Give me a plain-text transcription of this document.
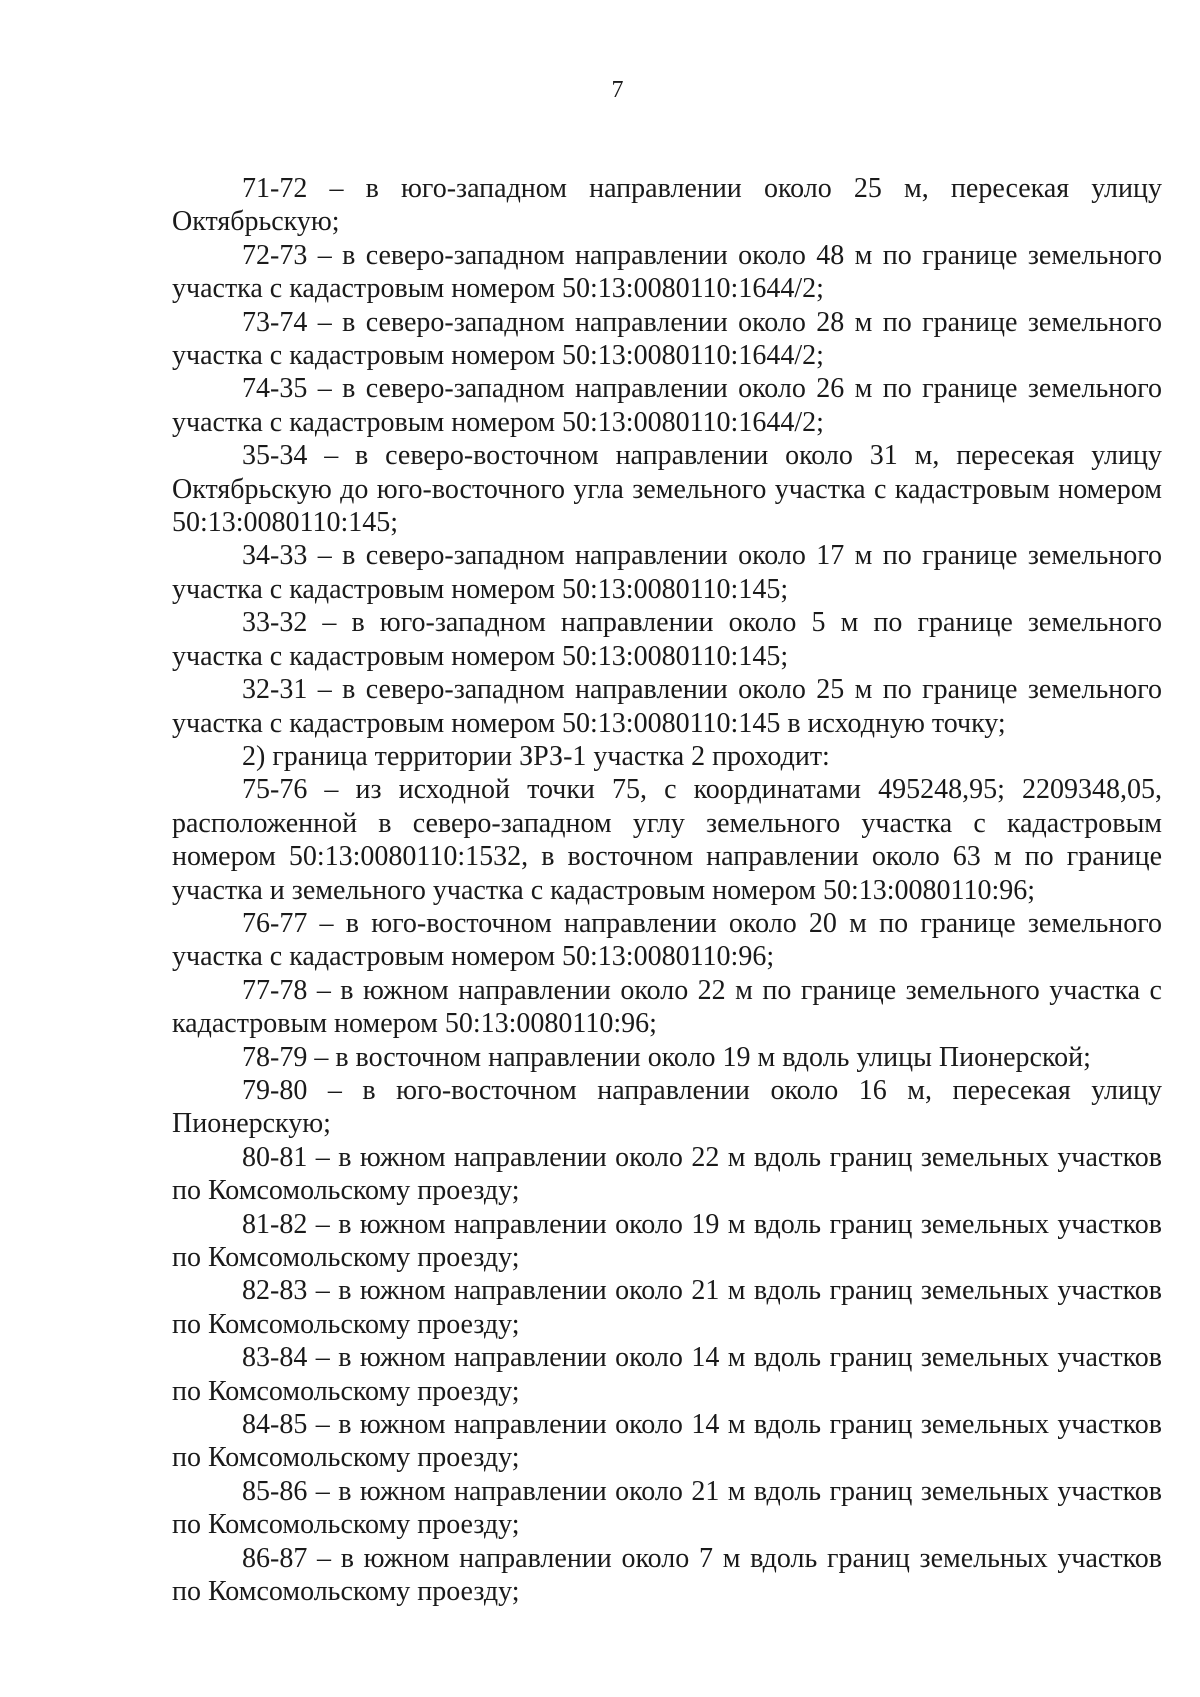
7

71-72 – в юго-западном направлении около 25 м, пересекая улицу Октябрьскую;

72-73 – в северо-западном направлении около 48 м по границе земельного участка с кадастровым номером 50:13:0080110:1644/2;

73-74 – в северо-западном направлении около 28 м по границе земельного участка с кадастровым номером 50:13:0080110:1644/2;

74-35 – в северо-западном направлении около 26 м по границе земельного участка с кадастровым номером 50:13:0080110:1644/2;

35-34 – в северо-восточном направлении около 31 м, пересекая улицу Октябрьскую до юго-восточного угла земельного участка с кадастровым номером 50:13:0080110:145;

34-33 – в северо-западном направлении около 17 м по границе земельного участка с кадастровым номером 50:13:0080110:145;

33-32 – в юго-западном направлении около 5 м по границе земельного участка с кадастровым номером 50:13:0080110:145;

32-31 – в северо-западном направлении около 25 м по границе земельного участка с кадастровым номером 50:13:0080110:145 в исходную точку;

2) граница территории ЗРЗ-1 участка 2 проходит:

75-76 – из исходной точки 75, с координатами 495248,95; 2209348,05, расположенной в северо-западном углу земельного участка с кадастровым номером 50:13:0080110:1532, в восточном направлении около 63 м по границе участка и земельного участка с кадастровым номером 50:13:0080110:96;

76-77 – в юго-восточном направлении около 20 м по границе земельного участка с кадастровым номером 50:13:0080110:96;

77-78 – в южном направлении около 22 м по границе земельного участка с кадастровым номером 50:13:0080110:96;

78-79 – в восточном направлении около 19 м вдоль улицы Пионерской;

79-80 – в юго-восточном направлении около 16 м, пересекая улицу Пионерскую;

80-81 – в южном направлении около 22 м вдоль границ земельных участков по Комсомольскому проезду;

81-82 – в южном направлении около 19 м вдоль границ земельных участков по Комсомольскому проезду;

82-83 – в южном направлении около 21 м вдоль границ земельных участков по Комсомольскому проезду;

83-84 – в южном направлении около 14 м вдоль границ земельных участков по Комсомольскому проезду;

84-85 – в южном направлении около 14 м вдоль границ земельных участков по Комсомольскому проезду;

85-86 – в южном направлении около 21 м вдоль границ земельных участков по Комсомольскому проезду;

86-87 – в южном направлении около 7 м вдоль границ земельных участков по Комсомольскому проезду;
